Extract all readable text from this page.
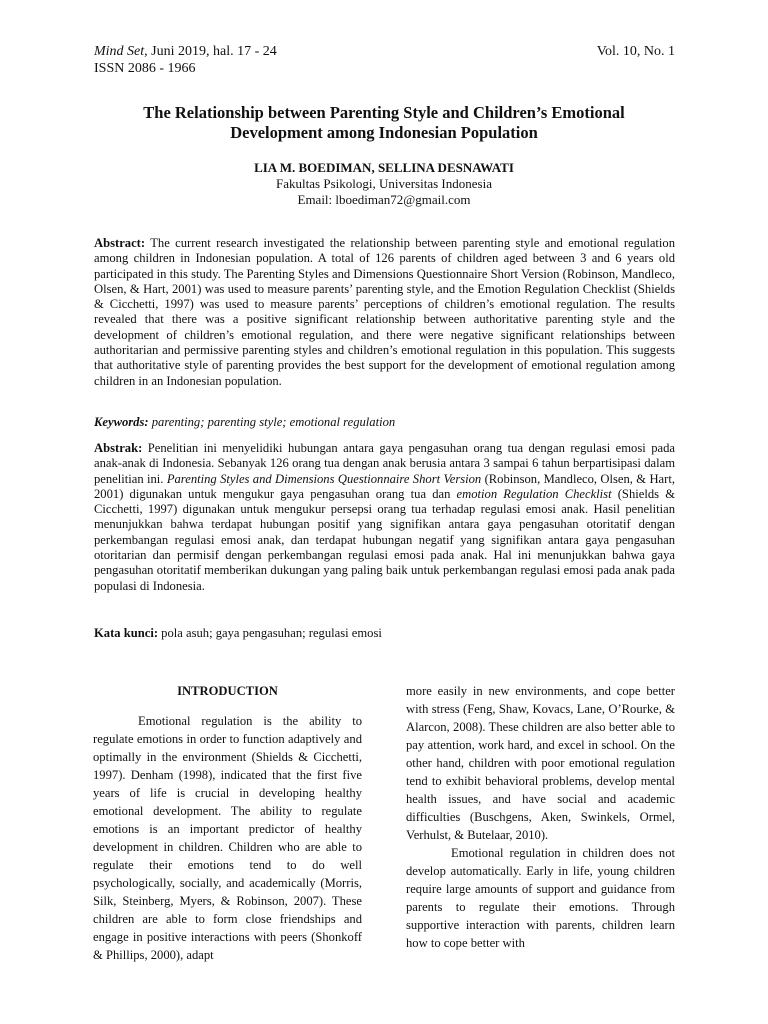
Mind Set, Juni 2019, hal. 17 - 24
ISSN 2086 - 1966
Vol. 10, No. 1
The Relationship between Parenting Style and Children’s Emotional
Development among Indonesian Population
LIA M. BOEDIMAN, SELLINA DESNAWATI
Fakultas Psikologi, Universitas Indonesia
Email: lboediman72@gmail.com
Abstract: The current research investigated the relationship between parenting style and emotional regulation among children in Indonesian population. A total of 126 parents of children aged between 3 and 6 years old participated in this study. The Parenting Styles and Dimensions Questionnaire Short Version (Robinson, Mandleco, Olsen, & Hart, 2001) was used to measure parents’ parenting style, and the Emotion Regulation Checklist (Shields & Cicchetti, 1997) was used to measure parents’ perceptions of children’s emotional regulation. The results revealed that there was a positive significant relationship between authoritative parenting style and the development of children’s emotional regulation, and there were negative significant relationships between authoritarian and permissive parenting styles and children’s emotional regulation in this population. This suggests that authoritative style of parenting provides the best support for the development of emotional regulation among children in an Indonesian population.
Keywords: parenting; parenting style; emotional regulation
Abstrak: Penelitian ini menyelidiki hubungan antara gaya pengasuhan orang tua dengan regulasi emosi pada anak-anak di Indonesia. Sebanyak 126 orang tua dengan anak berusia antara 3 sampai 6 tahun berpartisipasi dalam penelitian ini. Parenting Styles and Dimensions Questionnaire Short Version (Robinson, Mandleco, Olsen, & Hart, 2001) digunakan untuk mengukur gaya pengasuhan orang tua dan emotion Regulation Checklist (Shields & Cicchetti, 1997) digunakan untuk mengukur persepsi orang tua terhadap regulasi emosi anak. Hasil penelitian menunjukkan bahwa terdapat hubungan positif yang signifikan antara gaya pengasuhan otoritatif dengan perkembangan regulasi emosi anak, dan terdapat hubungan negatif yang signifikan antara gaya pengasuhan otoritarian dan permisif dengan perkembangan regulasi emosi pada anak. Hal ini menunjukkan bahwa gaya pengasuhan otoritatif memberikan dukungan yang paling baik untuk perkembangan regulasi emosi pada anak pada populasi di Indonesia.
Kata kunci: pola asuh; gaya pengasuhan; regulasi emosi

INTRODUCTION

Emotional regulation is the ability to regulate emotions in order to function adaptively and optimally in the environment (Shields & Cicchetti, 1997). Denham (1998), indicated that the first five years of life is crucial in developing healthy emotional development. The ability to regulate emotions is an important predictor of healthy development in children. Children who are able to regulate their emotions tend to do well psychologically, socially, and academically (Morris, Silk, Steinberg, Myers, & Robinson, 2007). These children are able to form close friendships and engage in positive interactions with peers (Shonkoff & Phillips, 2000), adapt

more easily in new environments, and cope better with stress (Feng, Shaw, Kovacs, Lane, O’Rourke, & Alarcon, 2008). These children are also better able to pay attention, work hard, and excel in school. On the other hand, children with poor emotional regulation tend to exhibit behavioral problems, develop mental health issues, and have social and academic difficulties (Buschgens, Aken, Swinkels, Ormel, Verhulst, & Butelaar, 2010).

Emotional regulation in children does not develop automatically. Early in life, young children require large amounts of support and guidance from parents to regulate their emotions. Through supportive interaction with parents, children learn how to cope better with
